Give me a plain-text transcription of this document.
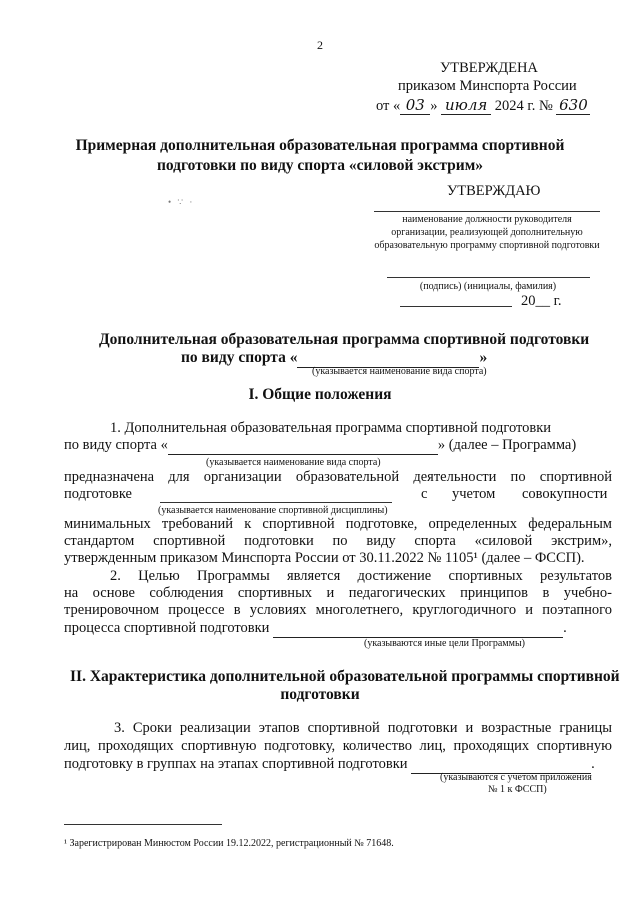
2
УТВЕРЖДЕНА
приказом Минспорта России
от « 03 » июля 2024 г. № 630
Примерная дополнительная образовательная программа спортивной
подготовки по виду спорта «силовой экстрим»
• ∵ ·
УТВЕРЖДАЮ
наименование должности руководителя
организации, реализующей дополнительную
образовательную программу спортивной подготовки
(подпись) (инициалы, фамилия)
20__ г.
Дополнительная образовательная программа спортивной подготовки
по виду спорта «	»
(указывается наименование вида спорта)
I. Общие положения
1. Дополнительная образовательная программа спортивной подготовки
по виду спорта «	» (далее – Программа)
(указывается наименование вида спорта)
предназначена для организации образовательной деятельности по спортивной
подготовке	с учетом совокупности
(указывается наименование спортивной дисциплины)
минимальных требований к спортивной подготовке, определенных федеральным
стандартом спортивной подготовки по виду спорта «силовой экстрим»,
утвержденным приказом Минспорта России от 30.11.2022 № 1105¹ (далее – ФССП).
2. Целью Программы является достижение спортивных результатов
на основе соблюдения спортивных и педагогических принципов в учебно-
тренировочном процессе в условиях многолетнего, круглогодичного и поэтапного
процесса спортивной подготовки	.
(указываются иные цели Программы)
II. Характеристика дополнительной образовательной программы спортивной
подготовки
3. Сроки реализации этапов спортивной подготовки и возрастные границы
лиц, проходящих спортивную подготовку, количество лиц, проходящих спортивную
подготовку в группах на этапах спортивной подготовки	.
(указываются с учетом приложения
№ 1 к ФССП)
¹ Зарегистрирован Минюстом России 19.12.2022, регистрационный № 71648.
